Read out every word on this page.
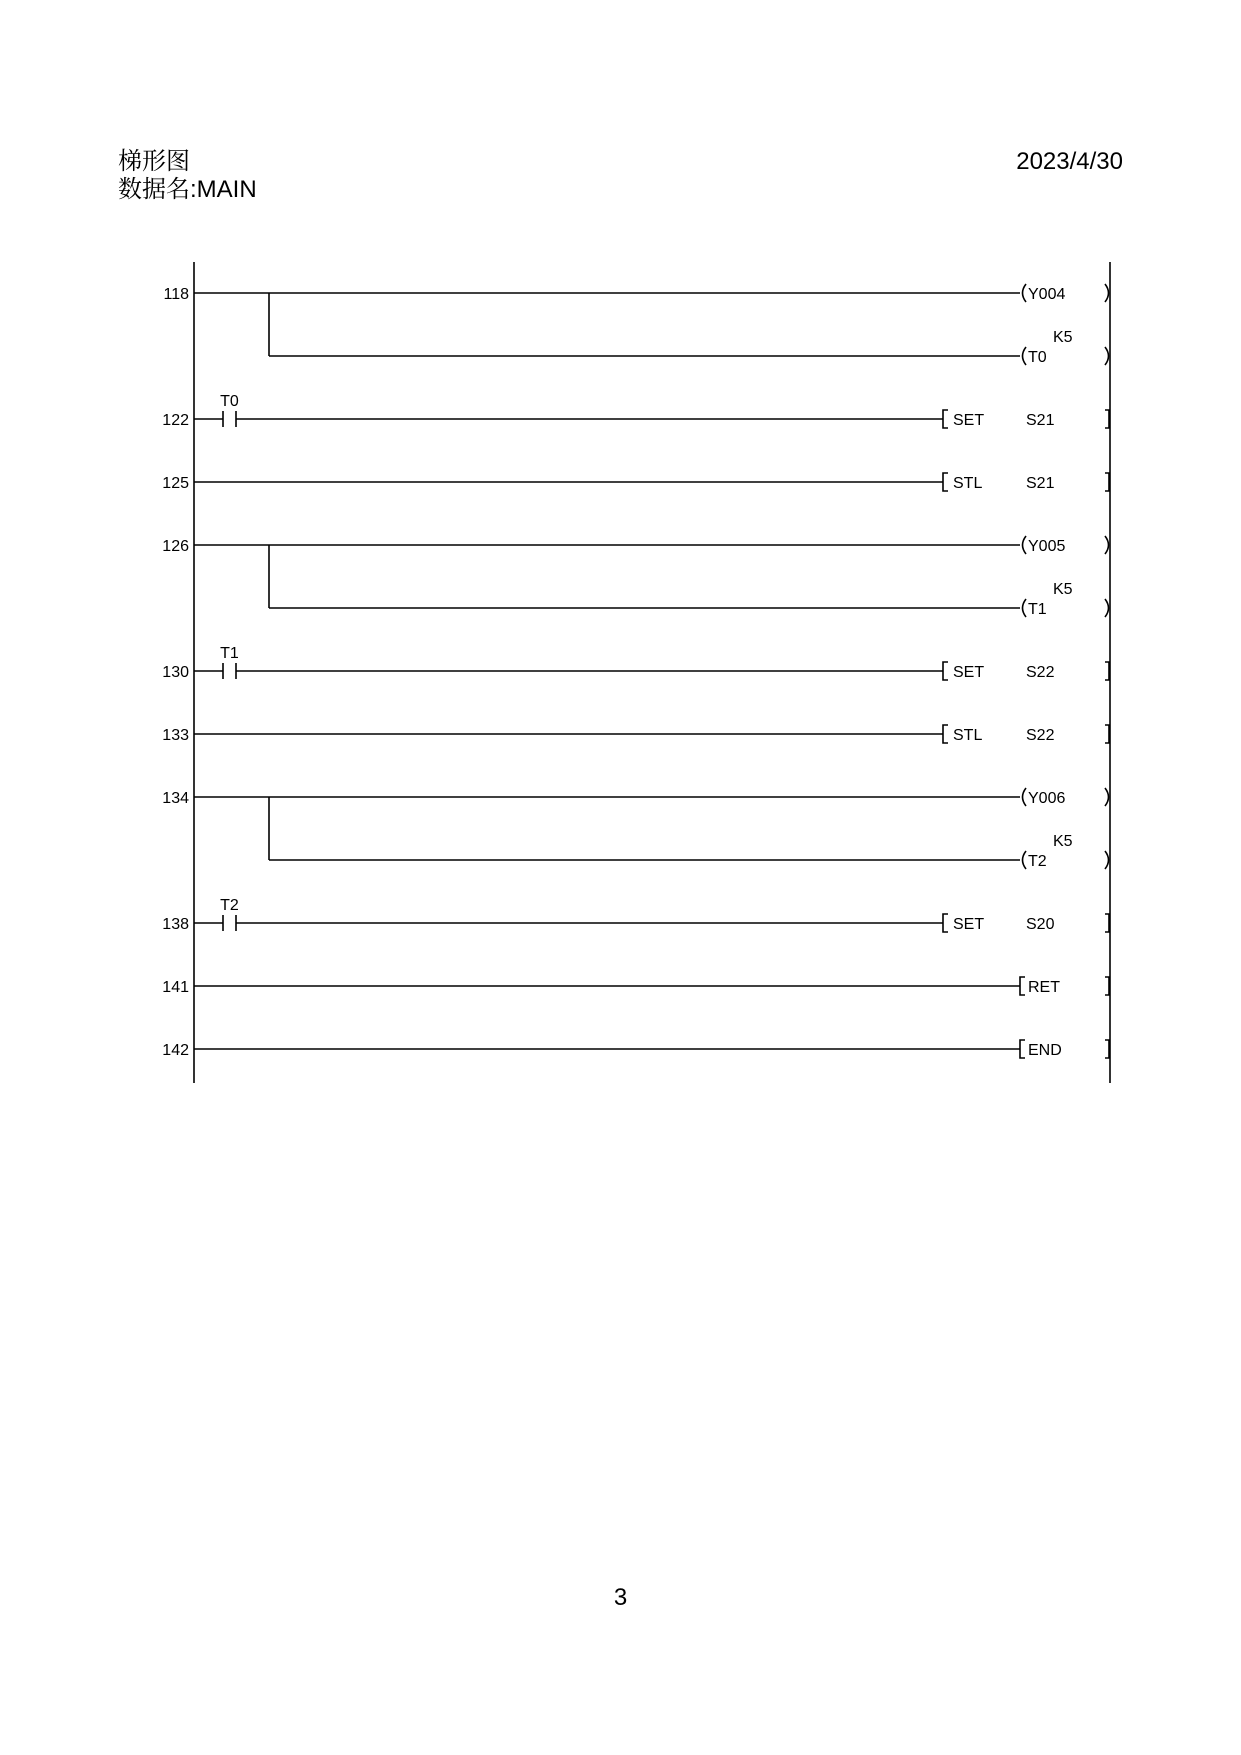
梯形图
数据名:MAIN
2023/4/30
118	Y004
T0
K5
122
T0
SET	S21
125	STL	S21
126	Y005
T1
K5
130
T1
SET	S22
133	STL	S22
134	Y006
T2
K5
138
T2
SET	S20
141	RET
142	END
3
